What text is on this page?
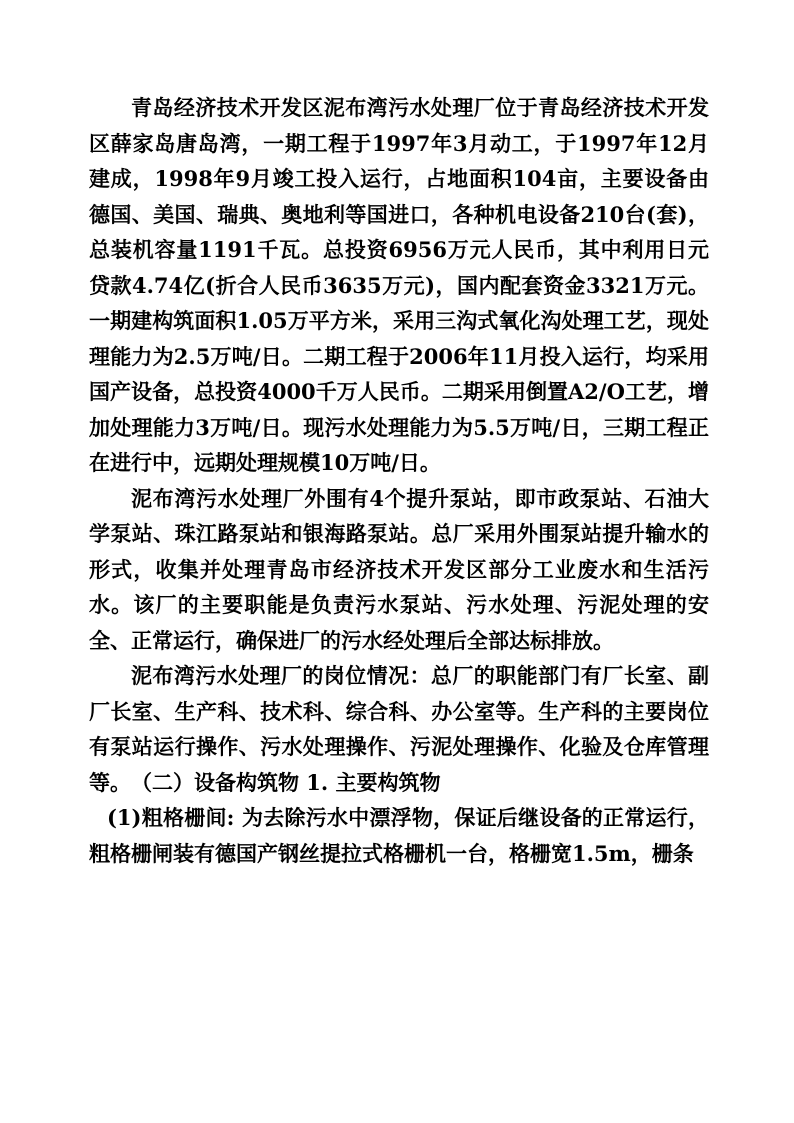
青岛经济技术开发区泥布湾污水处理厂位于青岛经济技术开发区薛家岛唐岛湾，一期工程于1997年3月动工，于1997年12月建成，1998年9月竣工投入运行，占地面积104亩，主要设备由德国、美国、瑞典、奥地利等国进口，各种机电设备210台(套)，总装机容量1191千瓦。总投资6956万元人民币，其中利用日元贷款4.74亿(折合人民币3635万元)，国内配套资金3321万元。一期建构筑面积1.05万平方米，采用三沟式氧化沟处理工艺，现处理能力为2.5万吨/日。二期工程于2006年11月投入运行，均采用国产设备，总投资4000千万人民币。二期采用倒置A2/O工艺，增加处理能力3万吨/日。现污水处理能力为5.5万吨/日，三期工程正在进行中，远期处理规模10万吨/日。

泥布湾污水处理厂外围有4个提升泵站，即市政泵站、石油大学泵站、珠江路泵站和银海路泵站。总厂采用外围泵站提升输水的形式，收集并处理青岛市经济技术开发区部分工业废水和生活污水。该厂的主要职能是负责污水泵站、污水处理、污泥处理的安全、正常运行，确保进厂的污水经处理后全部达标排放。

泥布湾污水处理厂的岗位情况：总厂的职能部门有厂长室、副厂长室、生产科、技术科、综合科、办公室等。生产科的主要岗位有泵站运行操作、污水处理操作、污泥处理操作、化验及仓库管理等。　（二）设备构筑物 1. 主要构筑物

(1)粗格栅间: 为去除污水中漂浮物，保证后继设备的正常运行，粗格栅闸装有德国产钢丝提拉式格栅机一台，格栅宽1.5m，栅条
